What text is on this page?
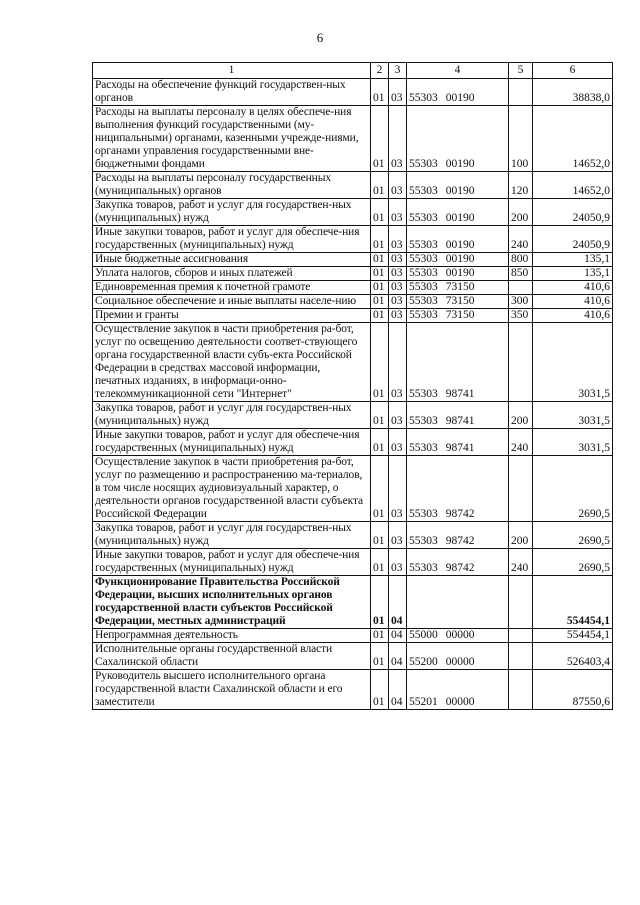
6
1	2	3	4	5	6
Расходы на обеспечение функций государствен-ных органов	01	03	55303 00190		38838,0
Расходы на выплаты персоналу в целях обеспече-ния выполнения функций государственными (му-ниципальными) органами, казенными учрежде-ниями, органами управления государственными вне-бюджетными фондами	01	03	55303 00190	100	14652,0
Расходы на выплаты персоналу государственных (муниципальных) органов	01	03	55303 00190	120	14652,0
Закупка товаров, работ и услуг для государствен-ных (муниципальных) нужд	01	03	55303 00190	200	24050,9
Иные закупки товаров, работ и услуг для обеспече-ния государственных (муниципальных) нужд	01	03	55303 00190	240	24050,9
Иные бюджетные ассигнования	01	03	55303 00190	800	135,1
Уплата налогов, сборов и иных платежей	01	03	55303 00190	850	135,1
Единовременная премия к почетной грамоте	01	03	55303 73150		410,6
Социальное обеспечение и иные выплаты населе-нию	01	03	55303 73150	300	410,6
Премии и гранты	01	03	55303 73150	350	410,6
Осуществление закупок в части приобретения ра-бот, услуг по освещению деятельности соответ-ствующего органа государственной власти субъ-екта Российской Федерации в средствах массовой информации, печатных изданиях, в информаци-онно-телекоммуникационной сети "Интернет"	01	03	55303 98741		3031,5
Закупка товаров, работ и услуг для государствен-ных (муниципальных) нужд	01	03	55303 98741	200	3031,5
Иные закупки товаров, работ и услуг для обеспече-ния государственных (муниципальных) нужд	01	03	55303 98741	240	3031,5
Осуществление закупок в части приобретения ра-бот, услуг по размещению и распространению ма-териалов, в том числе носящих аудиовизуальный характер, о деятельности органов государственной власти субъекта Российской Федерации	01	03	55303 98742		2690,5
Закупка товаров, работ и услуг для государствен-ных (муниципальных) нужд	01	03	55303 98742	200	2690,5
Иные закупки товаров, работ и услуг для обеспече-ния государственных (муниципальных) нужд	01	03	55303 98742	240	2690,5
Функционирование Правительства Российской Федерации, высших исполнительных органов государственной власти субъектов Российской Федерации, местных администраций	01	04			554454,1
Непрограммная деятельность	01	04	55000 00000		554454,1
Исполнительные органы государственной власти Сахалинской области	01	04	55200 00000		526403,4
Руководитель высшего исполнительного органа государственной власти Сахалинской области и его заместители	01	04	55201 00000		87550,6
